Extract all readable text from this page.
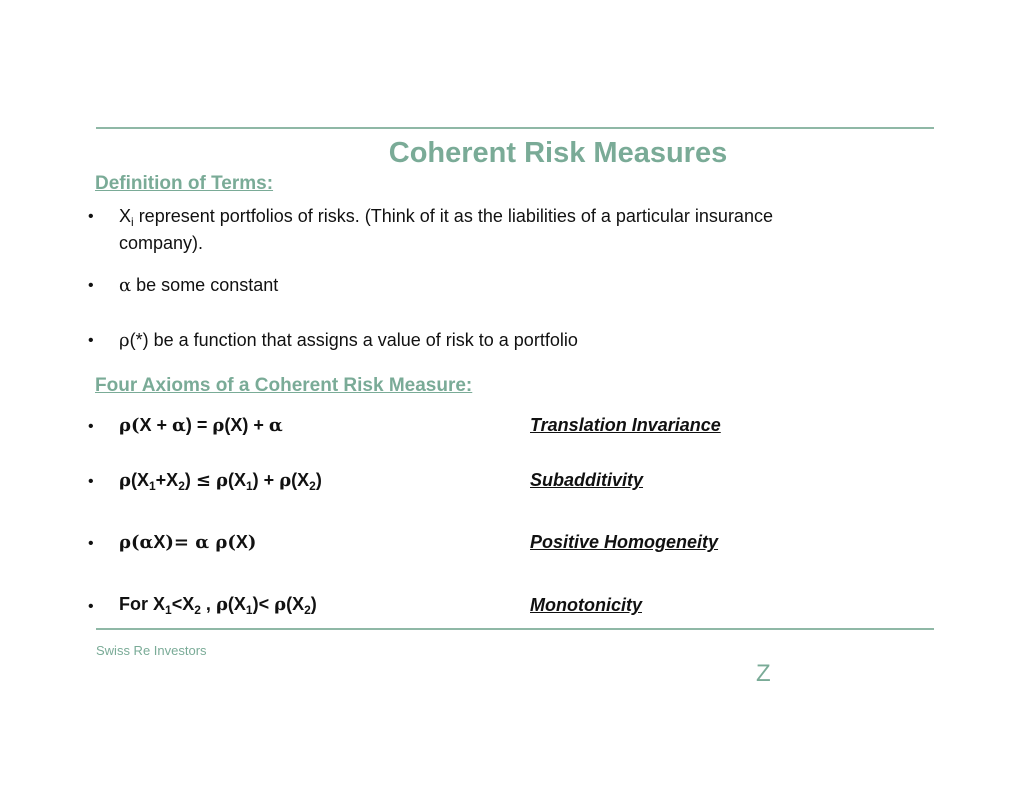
Coherent Risk Measures
Definition of Terms:
• $X_i$ represent portfolios of risks. (Think of it as the liabilities of a particular insurance
company).
• α be some constant
• ρ(*) be a function that assigns a value of risk to a portfolio
Four Axioms of a Coherent Risk Measure:
• ρ(X + α) = ρ(X) + α	Translation Invariance
• $\rho(X_1+X_2) \le \rho(X_1) + \rho(X_2)$	Subadditivity
• ρ(αX)= α ρ(X)	Positive Homogeneity
• For $X_1<X_2$ , $\rho(X_1)< \rho(X_2)$	Monotonicity
Swiss Re Investors
Z
